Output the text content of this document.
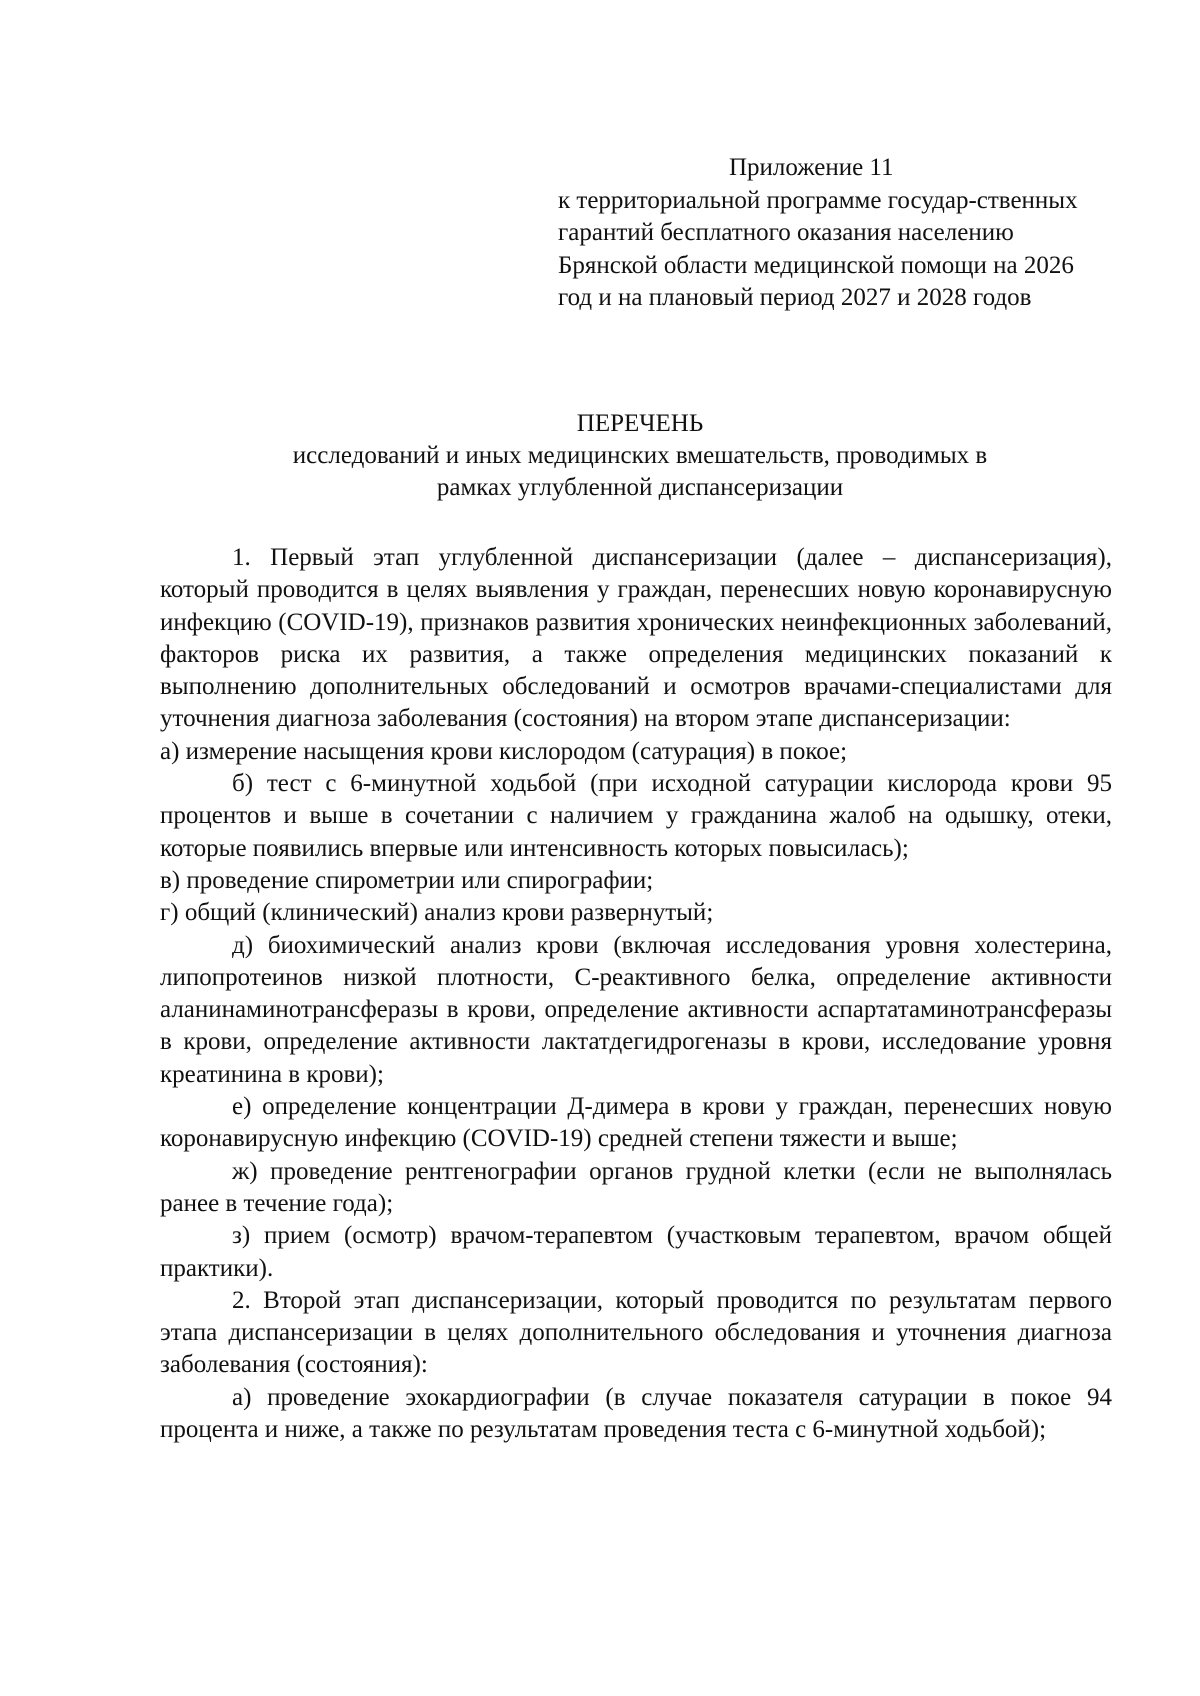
Приложение 11
к территориальной программе государ-ственных гарантий бесплатного оказания населению Брянской области медицинской помощи на 2026 год и на плановый период 2027 и 2028 годов
ПЕРЕЧЕНЬ
исследований и иных медицинских вмешательств, проводимых в рамках углубленной диспансеризации

1. Первый этап углубленной диспансеризации (далее – диспансеризация), который проводится в целях выявления у граждан, перенесших новую коронавирусную инфекцию (COVID-19), признаков развития хронических неинфекционных заболеваний, факторов риска их развития, а также определения медицинских показаний к выполнению дополнительных обследований и осмотров врачами-специалистами для уточнения диагноза заболевания (состояния) на втором этапе диспансеризации:

а) измерение насыщения крови кислородом (сатурация) в покое;

б) тест с 6-минутной ходьбой (при исходной сатурации кислорода крови 95 процентов и выше в сочетании с наличием у гражданина жалоб на одышку, отеки, которые появились впервые или интенсивность которых повысилась);

в) проведение спирометрии или спирографии;

г) общий (клинический) анализ крови развернутый;

д) биохимический анализ крови (включая исследования уровня холестерина, липопротеинов низкой плотности, С-реактивного белка, определение активности аланинаминотрансферазы в крови, определение активности аспартатаминотрансферазы в крови, определение активности лактатдегидрогеназы в крови, исследование уровня креатинина в крови);

е) определение концентрации Д-димера в крови у граждан, перенесших новую коронавирусную инфекцию (COVID-19) средней степени тяжести и выше;

ж) проведение рентгенографии органов грудной клетки (если не выполнялась ранее в течение года);

з) прием (осмотр) врачом-терапевтом (участковым терапевтом, врачом общей практики).

2. Второй этап диспансеризации, который проводится по результатам первого этапа диспансеризации в целях дополнительного обследования и уточнения диагноза заболевания (состояния):

а) проведение эхокардиографии (в случае показателя сатурации в покое 94 процента и ниже, а также по результатам проведения теста с 6-минутной ходьбой);
